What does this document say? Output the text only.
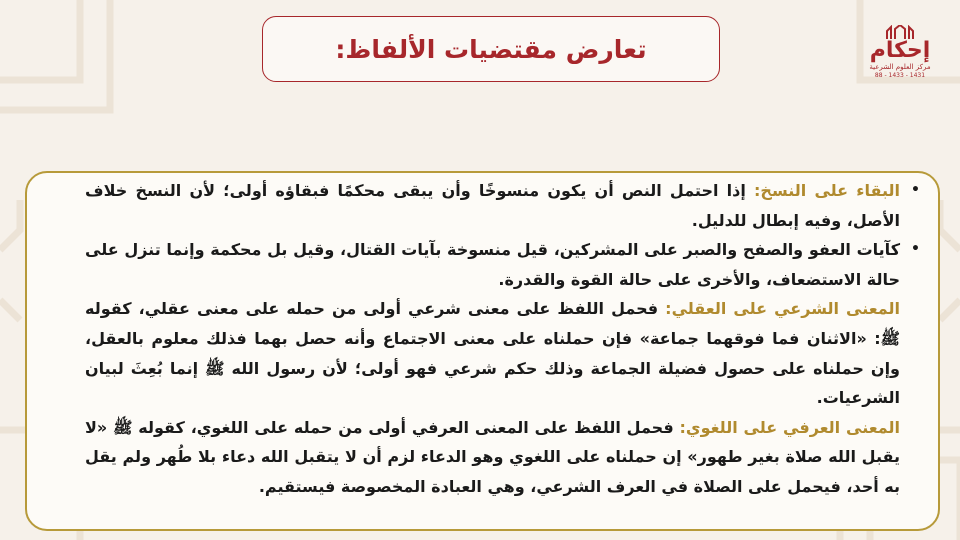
تعارض مقتضيات الألفاظ:	إحكام
مركز العلوم الشرعية
1431 - 1433 - 88

•
البقاء على النسخ: إذا احتمل النص أن يكون منسوخًا وأن يبقى محكمًا فبقاؤه أولى؛ لأن النسخ خلاف الأصل، وفيه إبطال للدليل.

•
كآيات العفو والصفح والصبر على المشركين، قيل منسوخة بآيات القتال، وقيل بل محكمة وإنما تنزل على حالة الاستضعاف، والأخرى على حالة القوة والقدرة.

المعنى الشرعي على العقلي: فحمل اللفظ على معنى شرعي أولى من حمله على معنى عقلي، كقوله ﷺ: «الاثنان فما فوقهما جماعة» فإن حملناه على معنى الاجتماع وأنه حصل بهما فذلك معلوم بالعقل، وإن حملناه على حصول فضيلة الجماعة وذلك حكم شرعي فهو أولى؛ لأن رسول الله ﷺ إنما بُعِثَ لبيان الشرعيات.

المعنى العرفي على اللغوي: فحمل اللفظ على المعنى العرفي أولى من حمله على اللغوي، كقوله ﷺ «لا يقبل الله صلاة بغير طهور» إن حملناه على اللغوي وهو الدعاء لزم أن لا يتقبل الله دعاء بلا طُهر ولم يقل به أحد، فيحمل على الصلاة في العرف الشرعي، وهي العبادة المخصوصة فيستقيم.
